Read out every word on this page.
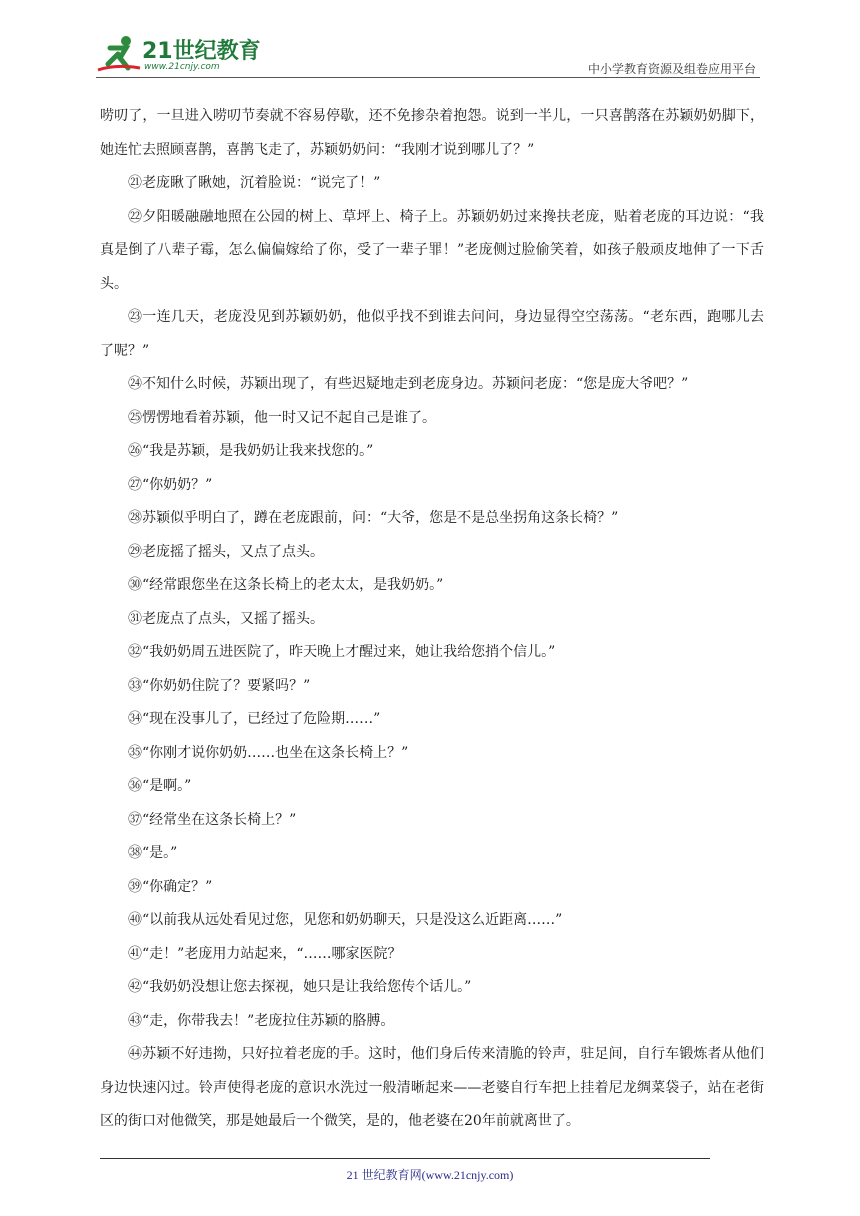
21世纪教育
www.21cnjy.com	中小学教育资源及组卷应用平台

唠叨了，一旦进入唠叨节奏就不容易停歇，还不免掺杂着抱怨。说到一半儿，一只喜鹊落在苏颖奶奶脚下，她连忙去照顾喜鹊，喜鹊飞走了，苏颖奶奶问：“我刚才说到哪儿了？”

㉑老庞瞅了瞅她，沉着脸说：“说完了！”

㉒夕阳暖融融地照在公园的树上、草坪上、椅子上。苏颖奶奶过来搀扶老庞，贴着老庞的耳边说：“我真是倒了八辈子霉，怎么偏偏嫁给了你，受了一辈子罪！”老庞侧过脸偷笑着，如孩子般顽皮地伸了一下舌头。

㉓一连几天，老庞没见到苏颖奶奶，他似乎找不到谁去问问，身边显得空空荡荡。“老东西，跑哪儿去了呢？”

㉔不知什么时候，苏颖出现了，有些迟疑地走到老庞身边。苏颖问老庞：“您是庞大爷吧？”

㉕愣愣地看着苏颖，他一时又记不起自己是谁了。

㉖“我是苏颖，是我奶奶让我来找您的。”

㉗“你奶奶？”

㉘苏颖似乎明白了，蹲在老庞跟前，问：“大爷，您是不是总坐拐角这条长椅？”

㉙老庞摇了摇头，又点了点头。

㉚“经常跟您坐在这条长椅上的老太太，是我奶奶。”

㉛老庞点了点头，又摇了摇头。

㉜“我奶奶周五进医院了，昨天晚上才醒过来，她让我给您捎个信儿。”

㉝“你奶奶住院了？要紧吗？”

㉞“现在没事儿了，已经过了危险期……”

㉟“你刚才说你奶奶……也坐在这条长椅上？”

㊱“是啊。”

㊲“经常坐在这条长椅上？”

㊳“是。”

㊴“你确定？”

㊵“以前我从远处看见过您，见您和奶奶聊天，只是没这么近距离……”

㊶“走！”老庞用力站起来，“……哪家医院？

㊷“我奶奶没想让您去探视，她只是让我给您传个话儿。”

㊸“走，你带我去！”老庞拉住苏颖的胳膊。

㊹苏颖不好违拗，只好拉着老庞的手。这时，他们身后传来清脆的铃声，驻足间，自行车锻炼者从他们身边快速闪过。铃声使得老庞的意识水洗过一般清晰起来——老婆自行车把上挂着尼龙绸菜袋子，站在老街区的街口对他微笑，那是她最后一个微笑，是的，他老婆在20年前就离世了。

21 世纪教育网(www.21cnjy.com)
